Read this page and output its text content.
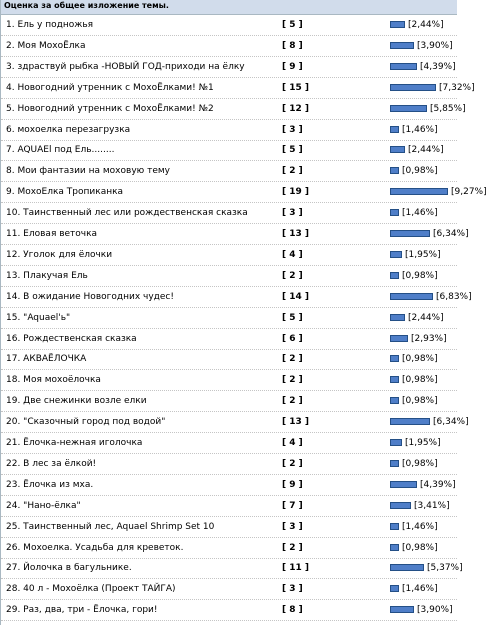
Оценка за общее изложение темы.
1. Ель у подножья	[ 5 ]	[2,44%]
2. Моя МохоЁлка	[ 8 ]	[3,90%]
3. здраствуй рыбка -НОВЫЙ ГОД-приходи на ёлку	[ 9 ]	[4,39%]
4. Новогодний утренник с МохоЁлками! №1	[ 15 ]	[7,32%]
5. Новогодний утренник с МохоЁлками! №2	[ 12 ]	[5,85%]
6. мохоелка перезагрузка	[ 3 ]	[1,46%]
7. AQUAEl под Ель........	[ 5 ]	[2,44%]
8. Мои фантазии на моховую тему	[ 2 ]	[0,98%]
9. МохоЕлка Тропиканка	[ 19 ]	[9,27%]
10. Таинственный лес или рождественская сказка	[ 3 ]	[1,46%]
11. Еловая веточка	[ 13 ]	[6,34%]
12. Уголок для ёлочки	[ 4 ]	[1,95%]
13. Плакучая Ель	[ 2 ]	[0,98%]
14. В ожидание Новогодних чудес!	[ 14 ]	[6,83%]
15. "Aquael'ь"	[ 5 ]	[2,44%]
16. Рождественская сказка	[ 6 ]	[2,93%]
17. АКВАЁЛОЧКА	[ 2 ]	[0,98%]
18. Моя мохоёлочка	[ 2 ]	[0,98%]
19. Две снежинки возле елки	[ 2 ]	[0,98%]
20. "Сказочный город под водой"	[ 13 ]	[6,34%]
21. Ёлочка-нежная иголочка	[ 4 ]	[1,95%]
22. В лес за ёлкой!	[ 2 ]	[0,98%]
23. Ёлочка из мха.	[ 9 ]	[4,39%]
24. "Нано-ёлка"	[ 7 ]	[3,41%]
25. Таинственный лес, Aquael Shrimp Set 10	[ 3 ]	[1,46%]
26. Мохоелка. Усадьба для креветок.	[ 2 ]	[0,98%]
27. Йолочка в багульнике.	[ 11 ]	[5,37%]
28. 40 л - Мохоёлка (Проект ТАЙГА)	[ 3 ]	[1,46%]
29. Раз, два, три - Ёлочка, гори!	[ 8 ]	[3,90%]
